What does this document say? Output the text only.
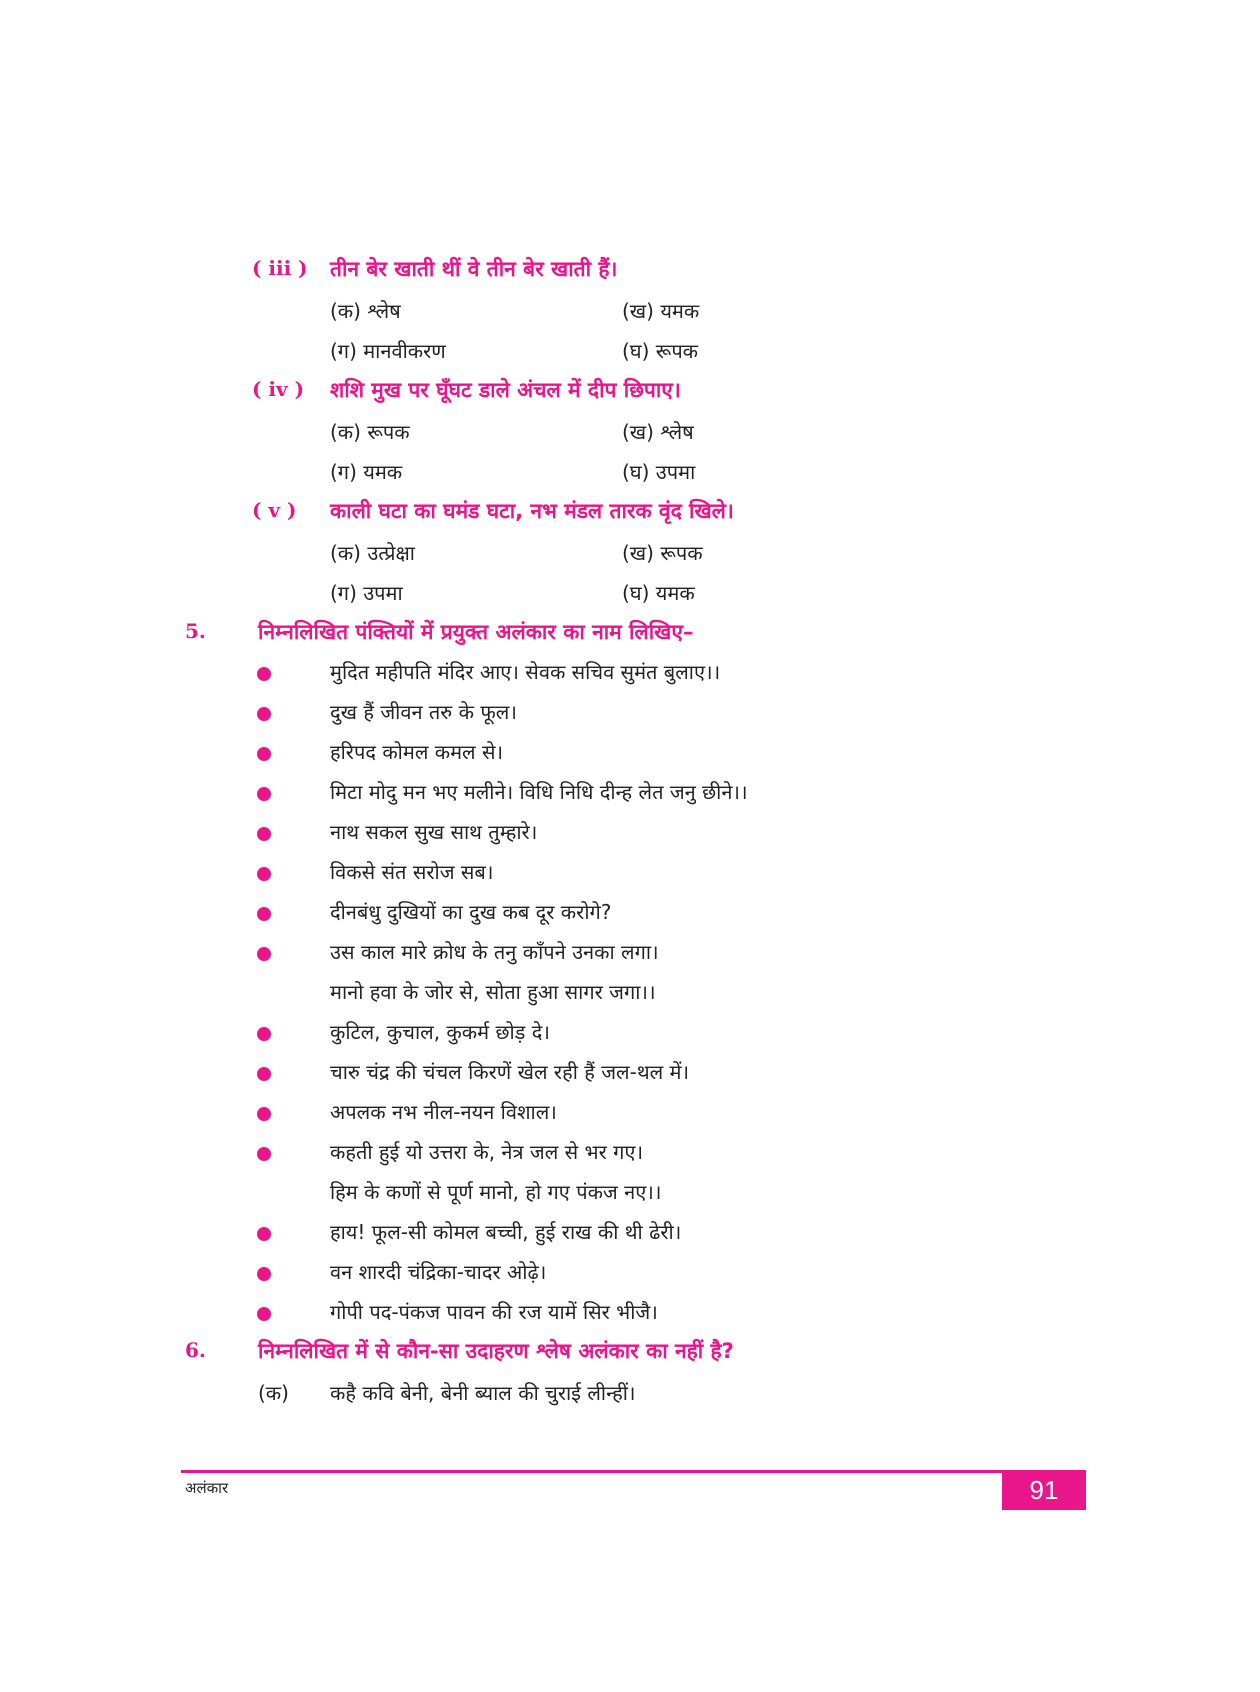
( iii ) तीन बेर खाती थीं वे तीन बेर खाती हैं।
(क) श्लेष	(ख) यमक
(ग) मानवीकरण	(घ) रूपक
( iv ) शशि मुख पर घूँघट डाले अंचल में दीप छिपाए।
(क) रूपक	(ख) श्लेष
(ग) यमक	(घ) उपमा
( v ) काली घटा का घमंड घटा, नभ मंडल तारक वृंद खिले।
(क) उत्प्रेक्षा	(ख) रूपक
(ग) उपमा	(घ) यमक
5. निम्नलिखित पंक्तियों में प्रयुक्त अलंकार का नाम लिखिए–
मुदित महीपति मंदिर आए। सेवक सचिव सुमंत बुलाए।।
दुख हैं जीवन तरु के फूल।
हरिपद कोमल कमल से।
मिटा मोदु मन भए मलीने। विधि निधि दीन्ह लेत जनु छीने।।
नाथ सकल सुख साथ तुम्हारे।
विकसे संत सरोज सब।
दीनबंधु दुखियों का दुख कब दूर करोगे?
उस काल मारे क्रोध के तनु काँपने उनका लगा।
मानो हवा के जोर से, सोता हुआ सागर जगा।।
कुटिल, कुचाल, कुकर्म छोड़ दे।
चारु चंद्र की चंचल किरणें खेल रही हैं जल-थल में।
अपलक नभ नील-नयन विशाल।
कहती हुई यो उत्तरा के, नेत्र जल से भर गए।
हिम के कणों से पूर्ण मानो, हो गए पंकज नए।।
हाय! फूल-सी कोमल बच्ची, हुई राख की थी ढेरी।
वन शारदी चंद्रिका-चादर ओढ़े।
गोपी पद-पंकज पावन की रज यामें सिर भीजै।
6. निम्नलिखित में से कौन-सा उदाहरण श्लेष अलंकार का नहीं है?
(क) कहै कवि बेनी, बेनी ब्याल की चुराई लीन्हीं।
अलंकार	91
